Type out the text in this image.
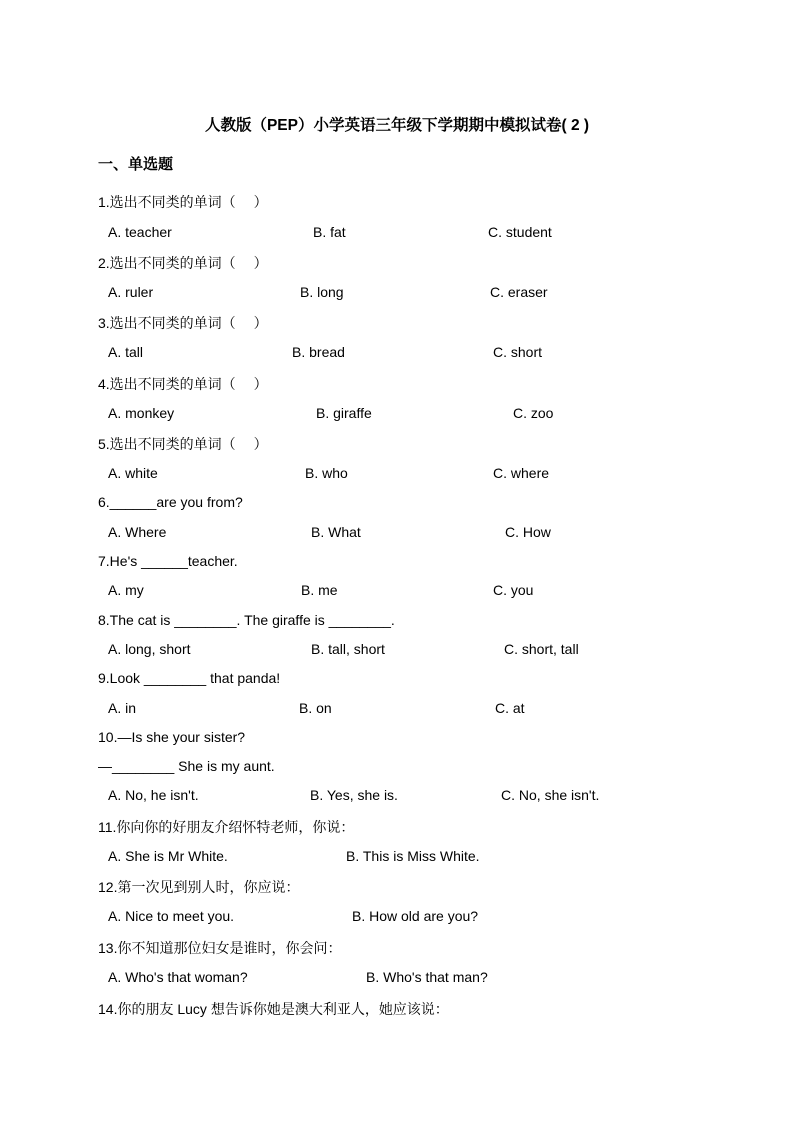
人教版（PEP）小学英语三年级下学期期中模拟试卷( 2 )
一、单选题
1.选出不同类的单词（　 ）
A. teacher	B. fat	C. student
2.选出不同类的单词（　 ）
A. ruler	B. long	C. eraser
3.选出不同类的单词（　 ）
A. tall	B. bread	C. short
4.选出不同类的单词（　 ）
A. monkey	B. giraffe	C. zoo
5.选出不同类的单词（　 ）
A. white	B. who	C. where
6.______are you from?
A. Where	B. What	C. How
7.He's ______teacher.
A. my	B. me	C. you
8.The cat is ________. The giraffe is ________.
A. long, short	B. tall, short	C. short, tall
9.Look ________ that panda!
A. in	B. on	C. at
10.—Is she your sister?
—________ She is my aunt.
A. No, he isn't.	B. Yes, she is.	C. No, she isn't.
11.你向你的好朋友介绍怀特老师，你说：
A. She is Mr White.	B. This is Miss White.
12.第一次见到别人时，你应说：
A. Nice to meet you.	B. How old are you?
13.你不知道那位妇女是谁时，你会问：
A. Who's that woman?	B. Who's that man?
14.你的朋友 Lucy 想告诉你她是澳大利亚人，她应该说：
